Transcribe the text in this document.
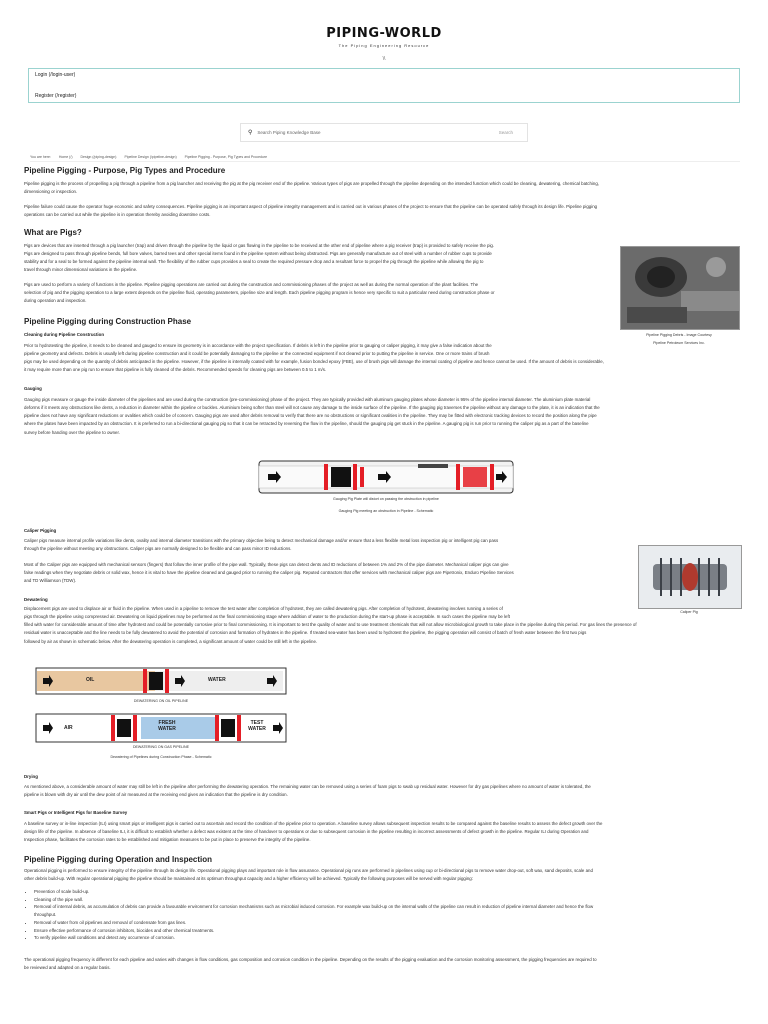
PIPING-WORLD
The Piping Engineering Resource
\\
Login (/login-user)
Register (/register)
⚲ Search Piping Knowledge Base	Search
You are here: Home (/) Design (/piping-design) Pipeline Design (/pipeline-design) Pipeline Pigging - Purpose, Pig Types and Procedure
Pipeline Pigging - Purpose, Pig Types and Procedure

Pipeline pigging is the process of propelling a pig through a pipeline from a pig launcher and receiving the pig at the pig receiver end of the pipeline. Various types of pigs are propelled through the pipeline depending on the intended function which could be cleaning, dewatering, chemical batching,
dimensioning or inspection.

Pipeline failure could cause the operator huge economic and safety consequences. Pipeline pigging is an important aspect of pipeline integrity management and is carried out in various phases of the project to ensure that the pipeline can be operated safely through its design life. Pipeline pigging
operations can be carried out while the pipeline is in operation thereby avoiding downtime costs.

What are Pigs?

Pigs are devices that are inserted through a pig launcher (trap) and driven through the pipeline by the liquid or gas flowing in the pipeline to be received at the other end of pipeline where a pig receiver (trap) is provided to safely receive the pig.
Pigs are designed to pass through pipeline bends, full bore valves, barred tees and other special items found in the pipeline system without being obstructed. Pigs are generally manufacture out of steel with a number of rubber cups to provide
stability and for a seal to be formed against the pipeline internal wall. The flexibility of the rubber cups provides a seal to create the required pressure drop and a resultant force to propel the pig through the pipeline while allowing the pig to
travel through minor dimensional variations in the pipeline.

Pigs are used to perform a variety of functions in the pipeline. Pipeline pigging operations are carried out during the construction and commissioning phases of the project as well as during the normal operation of the plant facilities. The
selection of pig and the pigging operation to a large extent depends on the pipeline fluid, operating parameters, pipeline size and length. Each pipeline pigging program is hence very specific to suit a particular need during construction phase or
during operation and inspection.

Pipeline Pigging Debris - Image Courtesy
Pipeline Petroleum Services Inc.
Pipeline Pigging during Construction Phase
Cleaning during Pipeline Construction

Prior to hydrotesting the pipeline, it needs to be cleaned and gauged to ensure its geometry is in accordance with the project specification. If debris is left in the pipeline prior to gauging or caliper pigging, it may give a false indication about the
pipeline geometry and defects. Debris is usually left during pipeline construction and it could be potentially damaging to the pipeline or the connected equipment if not cleared prior to putting the pipeline in service. One or more trains of brush
pigs may be used depending on the quantity of debris anticipated in the pipeline. However, if the pipeline is internally coated with for example, fusion bonded epoxy (FBE), use of brush pigs will damage the internal coating of pipeline and hence cannot be used. If the amount of debris is considerable,
it may require more than one pig run to ensure that pipeline is fully cleaned of the debris. Recommended speeds for cleaning pigs are between 0.5 to 1 m/s.

Gauging

Gauging pigs measure or gauge the inside diameter of the pipelines and are used during the construction (pre-commissioning) phase of the project. They are typically provided with aluminum gauging plates whose diameter is 95% of the pipeline internal diameter. The aluminium plate material
deforms if it meets any obstructions like dents, a reduction in diameter within the pipeline or buckles. Aluminium being softer than steel will not cause any damage to the inside surface of the pipeline. If the gauging pig traverses the pipeline without any damage to the plate, it is an indication that the
pipeline does not have any significant reductions or ovalities which could be of concern. Gauging pigs are used after debris removal to verify that there are no obstructions or significant ovalities in the pipeline. They may be fitted with electronic tracking devices to record the position along the pipe
where the plates have been impacted by an obstruction. It is preferred to run a bi-directional gauging pig so that it can be retracted by reversing the flow in the pipeline, should the gauging pig get stuck in the pipeline. A gauging pig is run prior to running the caliper pig as a part of the baseline
survey before handing over the pipeline to owner.

Gauging Pig Plate will distort on passing the obstruction in pipeline
Gauging Pig meeting an obstruction in Pipeline - Schematic
Caliper Pigging

Caliper pigs measure internal profile variations like dents, ovality and internal diameter transitions with the primary objective being to detect mechanical damage and/or ensure that a less flexible metal loss inspection pig or intelligent pig can pass
through the pipeline without meeting any obstructions. Caliper pigs are normally designed to be flexible and can pass minor ID reductions.

Most of the Caliper pigs are equipped with mechanical sensors (fingers) that follow the inner profile of the pipe wall. Typically, these pigs can detect dents and ID reductions of between 1% and 2% of the pipe diameter. Mechanical caliper pigs can give
false readings when they negotiate debris or solid wax, hence it is vital to have the pipeline cleaned and gauged prior to running the caliper pig. Reputed contractors that offer services with mechanical caliper pigs are Pipetronix, Enduro Pipeline Services
and TD Williamson (TDW).

Caliper Pig
Dewatering

Displacement pigs are used to displace air or fluid in the pipeline. When used in a pipeline to remove the test water after completion of hydrotest, they are called dewatering pigs. After completion of hydrotest, dewatering involves running a series of
pigs through the pipeline using compressed air. Dewatering on liquid pipelines may be performed as the final commissioning stage where addition of water to the production during the start-up phase is acceptable. In such cases the pipeline may be left
filled with water for considerable amount of time after hydrotest and could be potentially corrosive prior to final commissioning. It is important to test the quality of water and to use treatment chemicals that will not allow microbiological growth to take place in the pipeline during this period. For gas lines the presence of
residual water is unacceptable and the line needs to be fully dewatered to avoid the potential of corrosion and formation of hydrates in the pipeline. If treated sea-water has been used to hydrotest the pipeline, the pigging operation will consist of batch of fresh water between the first two pigs
followed by air as shown in schematic below. After the dewatering operation is completed, a significant amount of water could be still left in the pipeline.

OIL	WATER
DEWATERING ON OIL PIPELINE
AIR
FRESH
WATER
TEST
WATER
DEWATERING ON GAS PIPELINE
Dewatering of Pipelines during Construction Phase - Schematic
Drying

As mentioned above, a considerable amount of water may still be left in the pipeline after performing the dewatering operation. The remaining water can be removed using a series of foam pigs to swab up residual water. However for dry gas pipelines where no amount of water is tolerated, the
pipeline is blown with dry air until the dew point of air measured at the receiving end gives an indication that the pipeline is dry condition.

Smart Pigs or Intelligent Pigs for Baseline Survey

A baseline survey or in-line inspection (ILI) using smart pigs or intelligent pigs is carried out to ascertain and record the condition of the pipeline prior to operation. A baseline survey allows subsequent inspection results to be compared against the baseline results to assess the defect growth over the
design life of the pipeline. In absence of baseline ILI, it is difficult to establish whether a defect was existent at the time of handover to operations or due to subsequent corrosion in the pipeline resulting in incorrect assessments of defect growth in the pipeline. Regular ILI during Operation and
Inspection phase, facilitates the corrosion rates to be established and mitigation measures to be put in place to preserve the integrity of the pipeline.

Pipeline Pigging during Operation and Inspection

Operational pigging is performed to ensure integrity of the pipeline through its design life. Operational pigging plays and important role in flow assurance. Operational pig runs are performed in pipelines using cup or bi-directional pigs to remove water drop-out, soft wax, sand deposits, scale and
other debris build-up. With regular operational pigging the pipeline should be maintained at its optimum throughput capacity and a higher efficiency will be achieved. Typically the following purposes will be served with regular pigging:

• Prevention of scale build-up.
• Cleaning of the pipe wall.
• Removal of internal debris, as accumulation of debris can provide a favourable environment for corrosion mechanisms such as microbial induced corrosion. For example wax build-up on the internal walls of the pipeline can result in reduction of pipeline internal diameter and hence the flow
throughput.
• Removal of water from oil pipelines and removal of condensate from gas lines.
• Ensure effective performance of corrosion inhibitors, biocides and other chemical treatments.
• To verify pipeline wall conditions and detect any occurrence of corrosion.

The operational pigging frequency is different for each pipeline and varies with changes in flow conditions, gas composition and corrosion condition in the pipeline. Depending on the results of the pigging evaluation and the corrosion monitoring assessment, the pigging frequencies are required to
be reviewed and adapted on a regular basis.
